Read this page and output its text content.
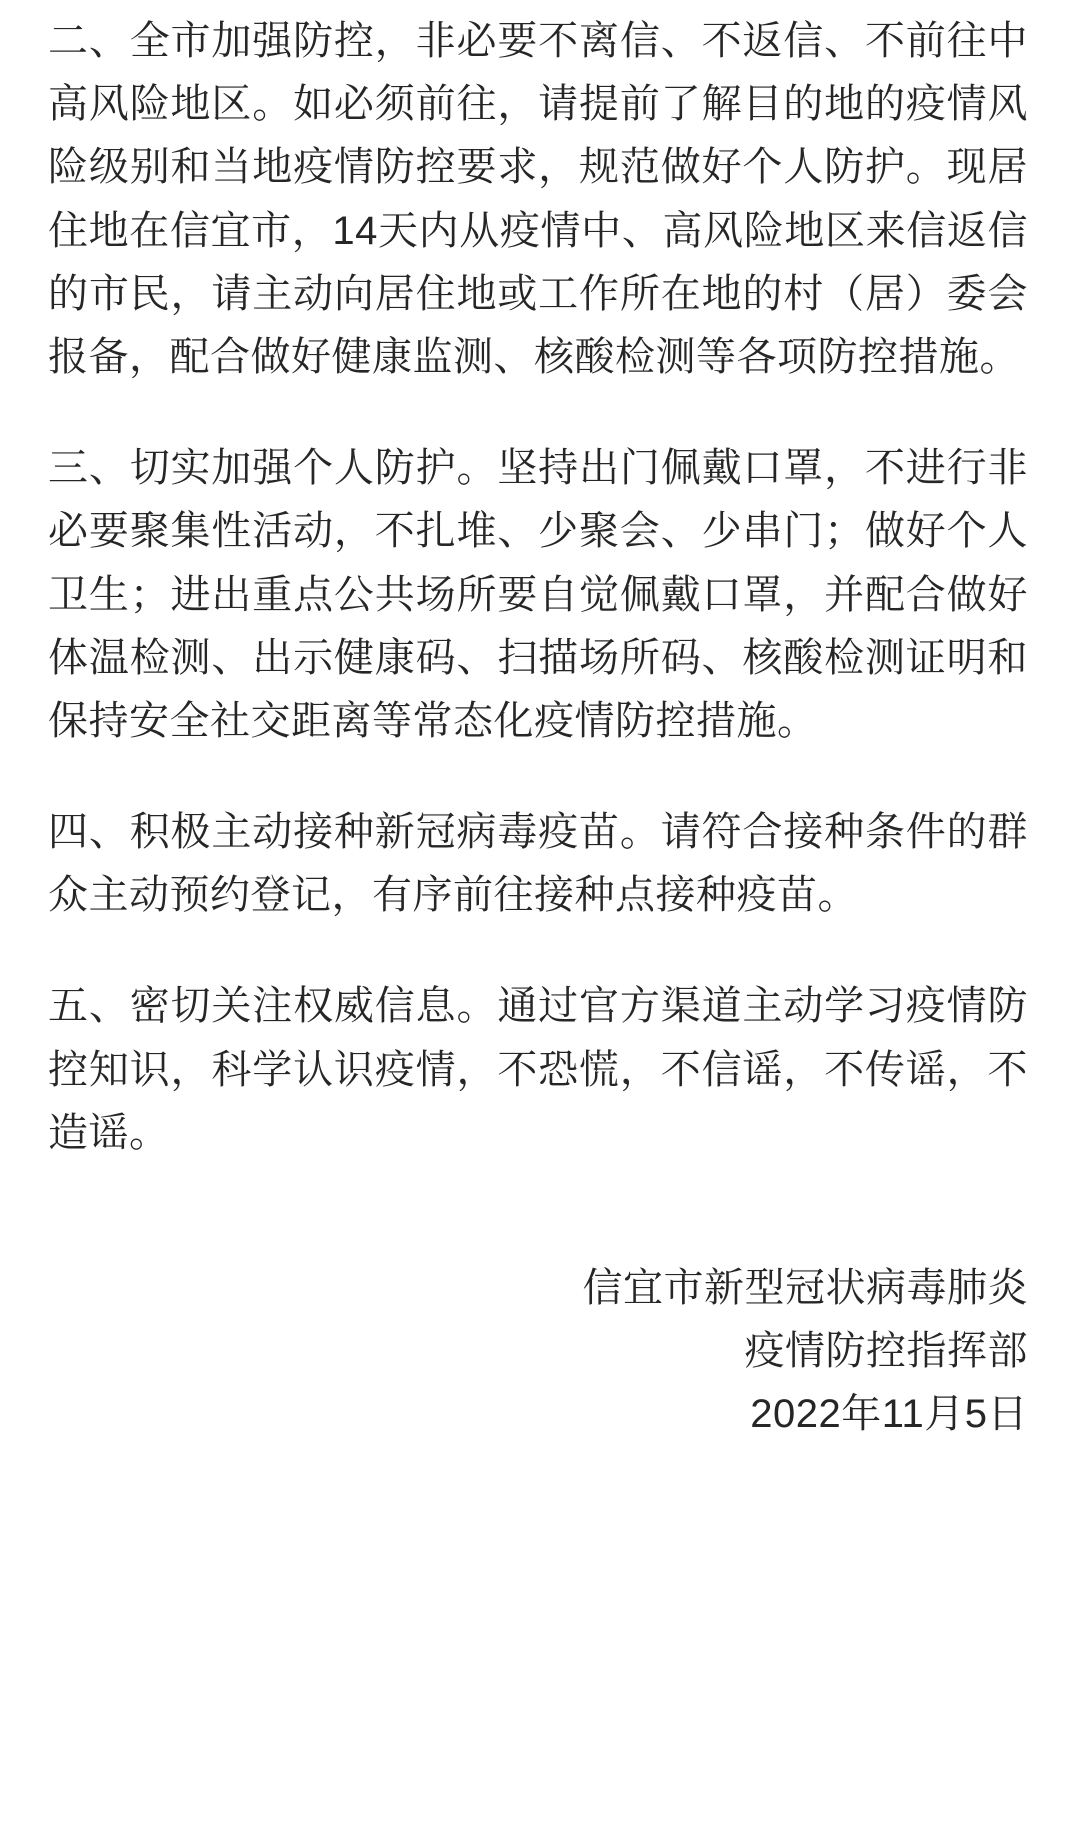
二、全市加强防控，非必要不离信、不返信、不前往中高风险地区。如必须前往，请提前了解目的地的疫情风险级别和当地疫情防控要求，规范做好个人防护。现居住地在信宜市，14天内从疫情中、高风险地区来信返信的市民，请主动向居住地或工作所在地的村（居）委会报备，配合做好健康监测、核酸检测等各项防控措施。

三、切实加强个人防护。坚持出门佩戴口罩，不进行非必要聚集性活动，不扎堆、少聚会、少串门；做好个人卫生；进出重点公共场所要自觉佩戴口罩，并配合做好体温检测、出示健康码、扫描场所码、核酸检测证明和保持安全社交距离等常态化疫情防控措施。

四、积极主动接种新冠病毒疫苗。请符合接种条件的群众主动预约登记，有序前往接种点接种疫苗。

五、密切关注权威信息。通过官方渠道主动学习疫情防控知识，科学认识疫情，不恐慌，不信谣，不传谣，不造谣。

信宜市新型冠状病毒肺炎

疫情防控指挥部

2022年11月5日
